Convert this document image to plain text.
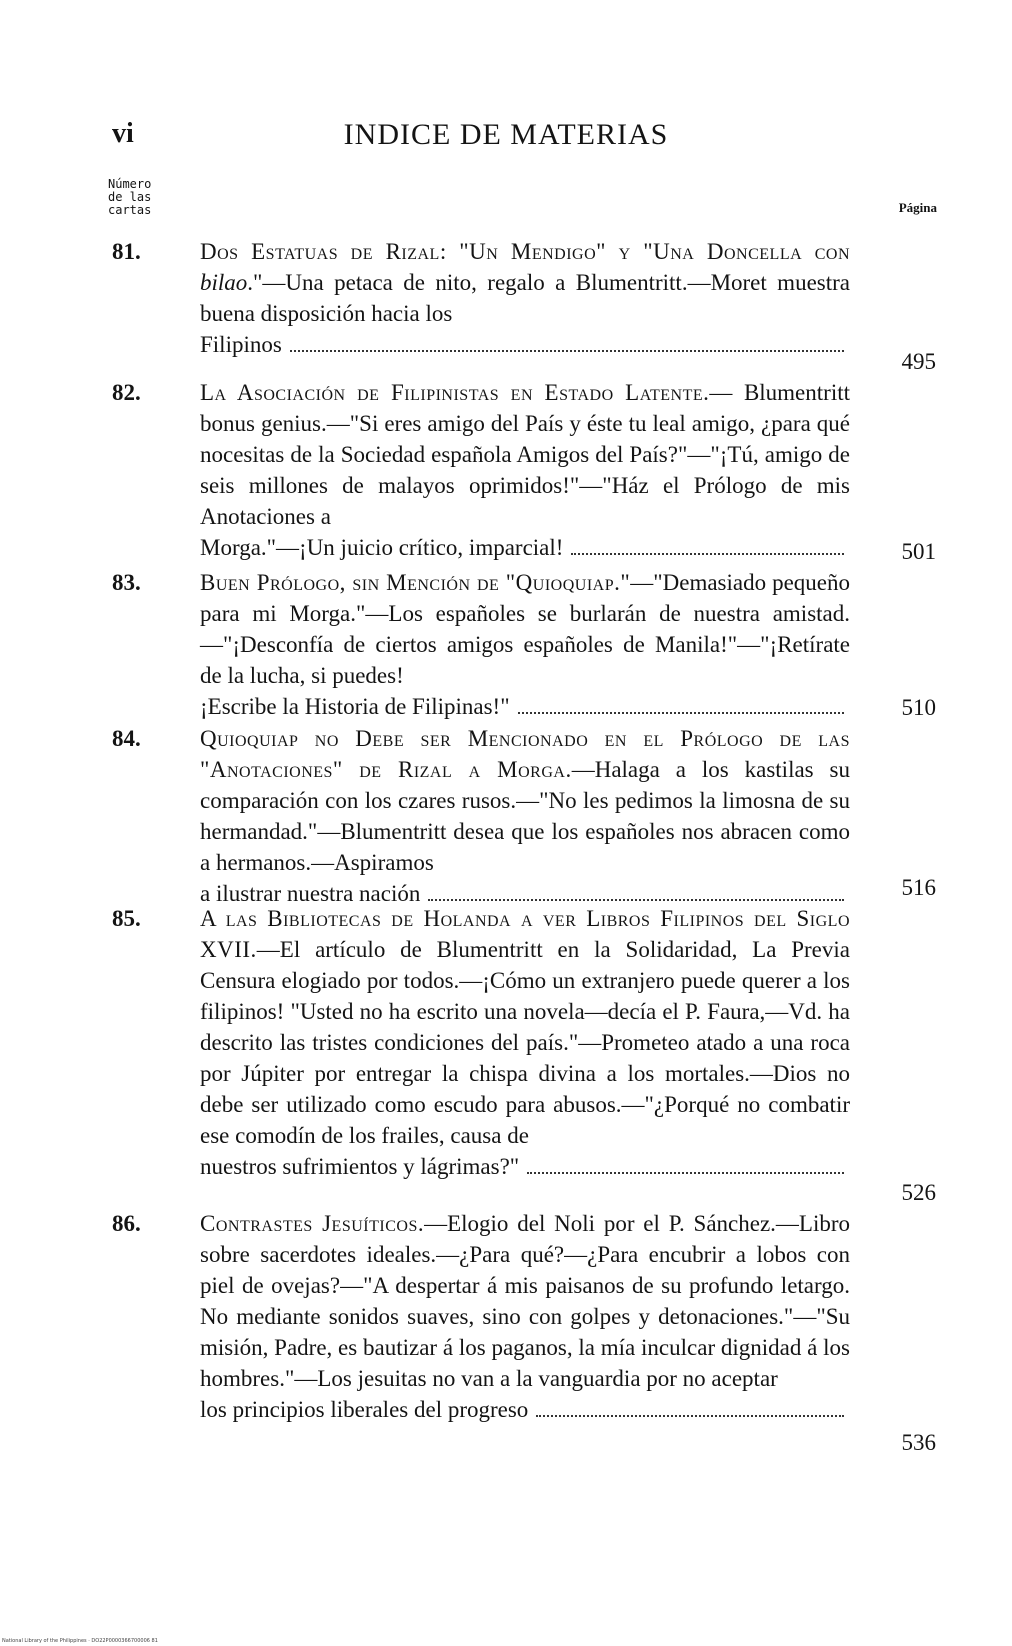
vi	INDICE DE MATERIAS
Número
de las
cartas	Página
81.	Dos Estatuas de Rizal: "Un Mendigo" y "Una Doncella con bilao."—Una petaca de nito, regalo a Blumentritt.—Moret muestra buena disposición hacia los
Filipinos
495
82.	La Asociación de Filipinistas en Estado Latente.— Blumentritt bonus genius.—"Si eres amigo del País y éste tu leal amigo, ¿para qué nocesitas de la Sociedad española Amigos del País?"—"¡Tú, amigo de seis millones de malayos oprimidos!"—"Ház el Prólogo de mis Anotaciones a
Morga."—¡Un juicio crítico, imparcial!	501
83.	Buen Prólogo, sin Mención de "Quioquiap."—"Demasiado pequeño para mi Morga."—Los españoles se burlarán de nuestra amistad.—"¡Desconfía de ciertos amigos españoles de Manila!"—"¡Retírate de la lucha, si puedes!
¡Escribe la Historia de Filipinas!"	510
84.	Quioquiap no Debe ser Mencionado en el Prólogo de las "Anotaciones" de Rizal a Morga.—Halaga a los kastilas su comparación con los czares rusos.—"No les pedimos la limosna de su hermandad."—Blumentritt desea que los españoles nos abracen como a hermanos.—Aspiramos
a ilustrar nuestra nación	516
85.	A las Bibliotecas de Holanda a ver Libros Filipinos del Siglo XVII.—El artículo de Blumentritt en la Solidaridad, La Previa Censura elogiado por todos.—¡Cómo un extranjero puede querer a los filipinos! "Usted no ha escrito una novela—decía el P. Faura,—Vd. ha descrito las tristes condiciones del país."—Prometeo atado a una roca por Júpiter por entregar la chispa divina a los mortales.—Dios no debe ser utilizado como escudo para abusos.—"¿Porqué no combatir ese comodín de los frailes, causa de
nuestros sufrimientos y lágrimas?"
526
86.	Contrastes Jesuíticos.—Elogio del Noli por el P. Sánchez.—Libro sobre sacerdotes ideales.—¿Para qué?—¿Para encubrir a lobos con piel de ovejas?—"A despertar á mis paisanos de su profundo letargo. No mediante sonidos suaves, sino con golpes y detonaciones."—"Su misión, Padre, es bautizar á los paganos, la mía inculcar dignidad á los hombres."—Los jesuitas no van a la vanguardia por no aceptar
los principios liberales del progreso
536
National Library of the Philippines · DO22P0000366700006 81
